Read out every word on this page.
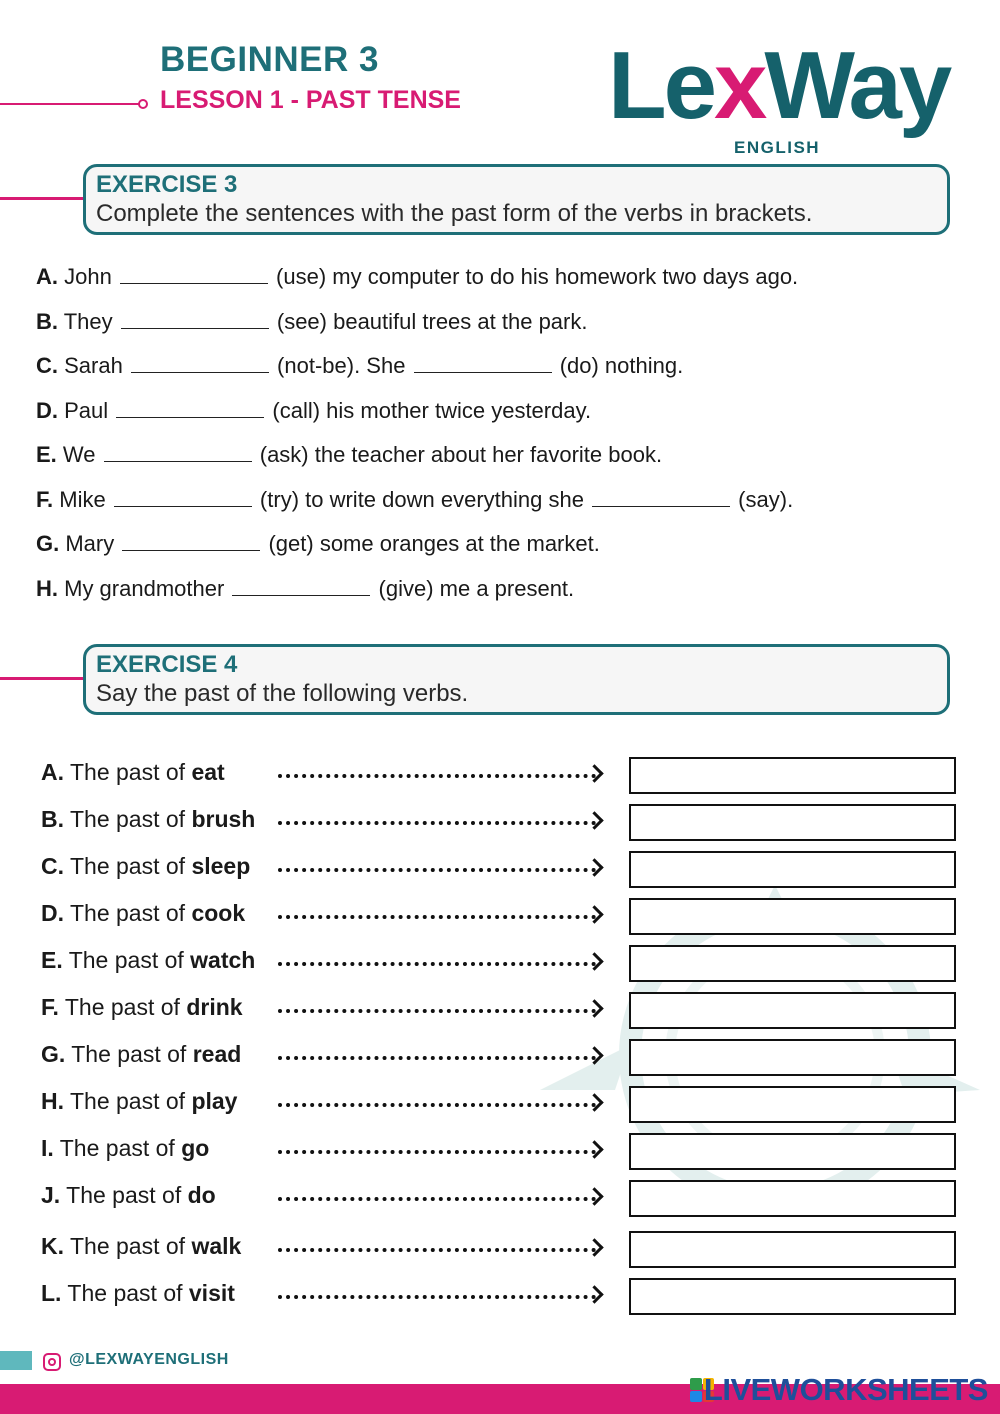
BEGINNER 3
LESSON 1 - PAST TENSE LexWay
ENGLISH
EXERCISE 3
Complete the sentences with the past form of the verbs in brackets.
A. John	(use) my computer to do his homework two days ago.
B. They	(see) beautiful trees at the park.
C. Sarah	(not-be). She	(do) nothing.
D. Paul	(call) his mother twice yesterday.
E. We	(ask) the teacher about her favorite book.
F. Mike	(try) to write down everything she	(say).
G. Mary	(get) some oranges at the market.
H. My grandmother	(give) me a present.
EXERCISE 4
Say the past of the following verbs.
A. The past of eat
B. The past of brush
C. The past of sleep
D. The past of cook
E. The past of watch
F. The past of drink
G. The past of read
H. The past of play
I. The past of go
J. The past of do
K. The past of walk
L. The past of visit
@LEXWAYENGLISH
LIVEWORKSHEETS
